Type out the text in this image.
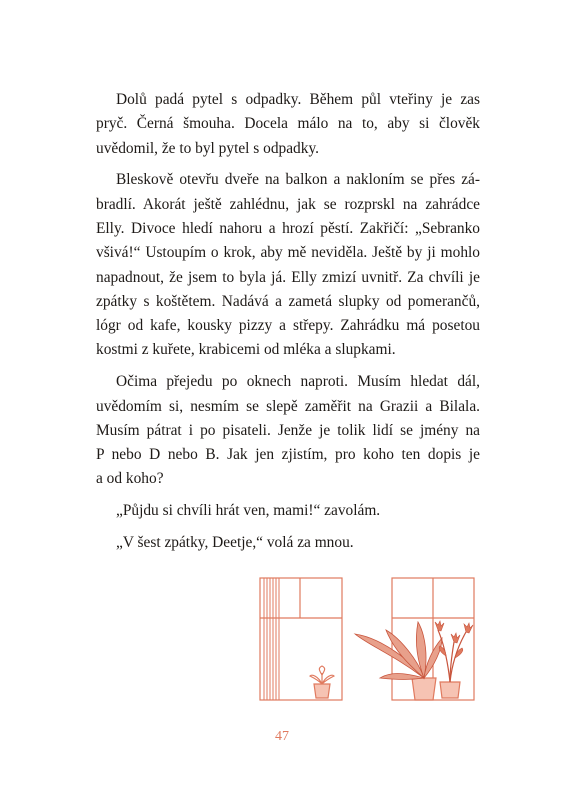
Dolů padá pytel s odpadky. Během půl vteřiny je zas
pryč. Černá šmouha. Docela málo na to, aby si člověk
uvědomil, že to byl pytel s odpadky.
Bleskově otevřu dveře na balkon a nakloním se přes zá-
bradlí. Akorát ještě zahlédnu, jak se rozprskl na zahrádce
Elly. Divoce hledí nahoru a hrozí pěstí. Zakřičí: „Sebranko
všivá!“ Ustoupím o krok, aby mě neviděla. Ještě by ji mohlo
napadnout, že jsem to byla já. Elly zmizí uvnitř. Za chvíli je
zpátky s koštětem. Nadává a zametá slupky od pomerančů,
lógr od kafe, kousky pizzy a střepy. Zahrádku má posetou
kostmi z kuřete, krabicemi od mléka a slupkami.
Očima přejedu po oknech naproti. Musím hledat dál,
uvědomím si, nesmím se slepě zaměřit na Grazii a Bilala.
Musím pátrat i po pisateli. Jenže je tolik lidí se jmény na
P nebo D nebo B. Jak jen zjistím, pro koho ten dopis je
a od koho?
„Půjdu si chvíli hrát ven, mami!“ zavolám.
„V šest zpátky, Deetje,“ volá za mnou.
47
